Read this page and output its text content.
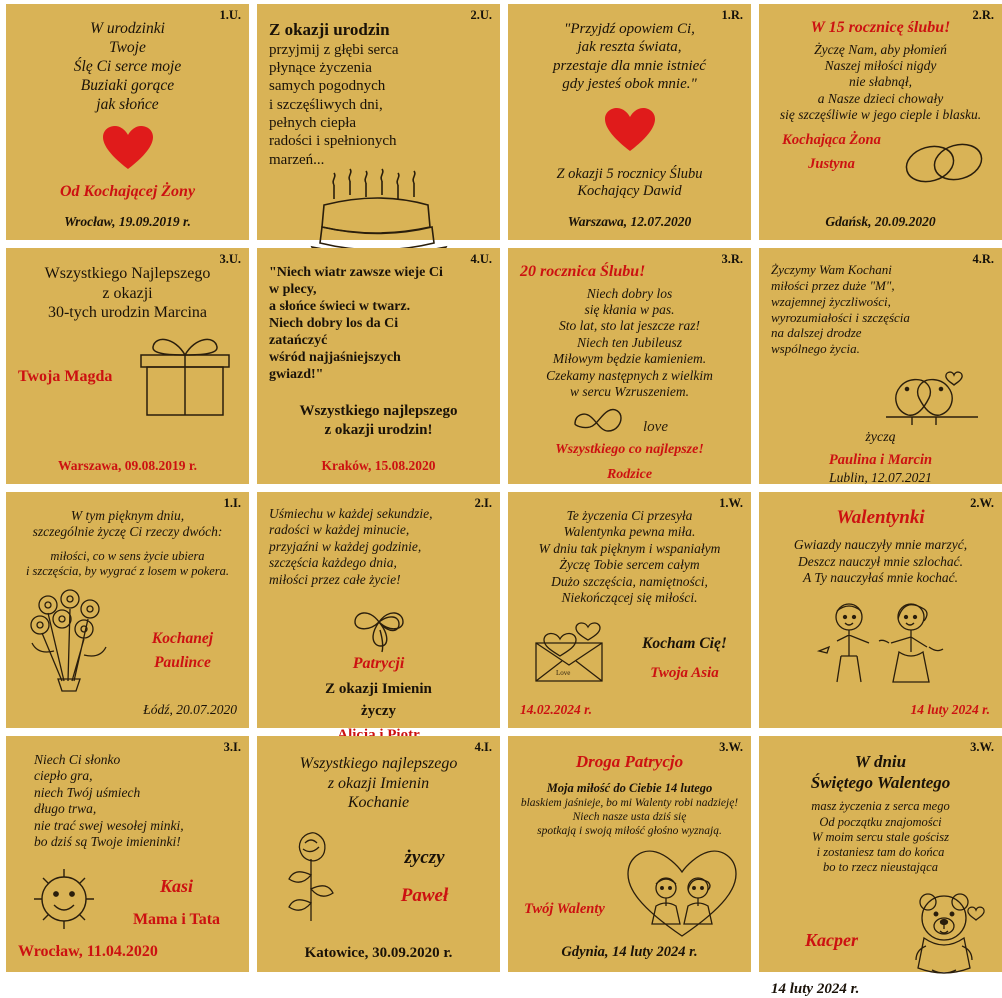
1.U.
W urodzinki
Twoje
Ślę Ci serce moje
Buziaki gorące
jak słońce
Od Kochającej Żony
Wrocław, 19.09.2019 r.
2.U.
Z okazji urodzin
przyjmij z głębi serca
płynące życzenia
samych pogodnych
i szczęśliwych dni,
pełnych ciepła
radości i spełnionych
marzeń...
1.R.
"Przyjdź opowiem Ci,
jak reszta świata,
przestaje dla mnie istnieć
gdy jesteś obok mnie."
Z okazji 5 rocznicy Ślubu
Kochający Dawid
Warszawa, 12.07.2020
2.R.
W 15 rocznicę ślubu!
Życzę Nam, aby płomień
Naszej miłości nigdy
nie słabnął,
a Nasze dzieci chowały
się szczęśliwie w jego cieple i blasku.
Kochająca Żona
Justyna
Gdańsk, 20.09.2020
3.U.
Wszystkiego Najlepszego
z okazji
30-tych urodzin Marcina
Twoja Magda
Warszawa, 09.08.2019 r.
4.U.
"Niech wiatr zawsze wieje Ci
w plecy,
a słońce świeci w twarz.
Niech dobry los da Ci
zatańczyć
wśród najjaśniejszych
gwiazd!"
Wszystkiego najlepszego
z okazji urodzin!
Kraków, 15.08.2020
3.R.
20 rocznica Ślubu!
Niech dobry los
się kłania w pas.
Sto lat, sto lat jeszcze raz!
Niech ten Jubileusz
Miłowym będzie kamieniem.
Czekamy następnych z wielkim
w sercu Wzruszeniem.
love
Wszystkiego co najlepsze!
Rodzice
4.R.
Życzymy Wam Kochani
miłości przez duże "M",
wzajemnej życzliwości,
wyrozumiałości i szczęścia
na dalszej drodze
wspólnego życia.
życzą
Paulina i Marcin
Lublin, 12.07.2021
1.I.
W tym pięknym dniu,
szczególnie życzę Ci rzeczy dwóch:
miłości, co w sens życie ubiera
i szczęścia, by wygrać z losem w pokera.
Kochanej
Paulince
Łódź, 20.07.2020
2.I.
Uśmiechu w każdej sekundzie,
radości w każdej minucie,
przyjaźni w każdej godzinie,
szczęścia każdego dnia,
miłości przez całe życie!
Patrycji
Z okazji Imienin
życzy
1.W.
Te życzenia Ci przesyła
Walentynka pewna miła.
W dniu tak pięknym i wspaniałym
Życzę Tobie sercem całym
Dużo szczęścia, namiętności,
Niekończącej się miłości.
Love
Kocham Cię!
Twoja Asia
14.02.2024 r.
2.W.
Walentynki
Gwiazdy nauczyły mnie marzyć,
Deszcz nauczył mnie szlochać.
A Ty nauczyłaś mnie kochać.
14 luty 2024 r.
3.I.
Niech Ci słonko
ciepło gra,
niech Twój uśmiech
długo trwa,
nie trać swej wesołej minki,
bo dziś są Twoje imieninki!
Kasi
Mama i Tata
Wrocław, 11.04.2020
4.I.
Wszystkiego najlepszego
z okazji Imienin
Kochanie
życzy
Paweł
Katowice, 30.09.2020 r.
3.W.
Droga Patrycjo
Moja miłość do Ciebie 14 lutego
blaskiem jaśnieje, bo mi Walenty robi nadzieję!
Niech nasze usta dziś się
spotkają i swoją miłość głośno wyznają.
Twój Walenty
Gdynia, 14 luty 2024 r.
3.W.
W dniu
Świętego Walentego
masz życzenia z serca mego
Od początku znajomości
W moim sercu stale gościsz
i zostaniesz tam do końca
bo to rzecz nieustająca
Kacper
14 luty 2024 r.
